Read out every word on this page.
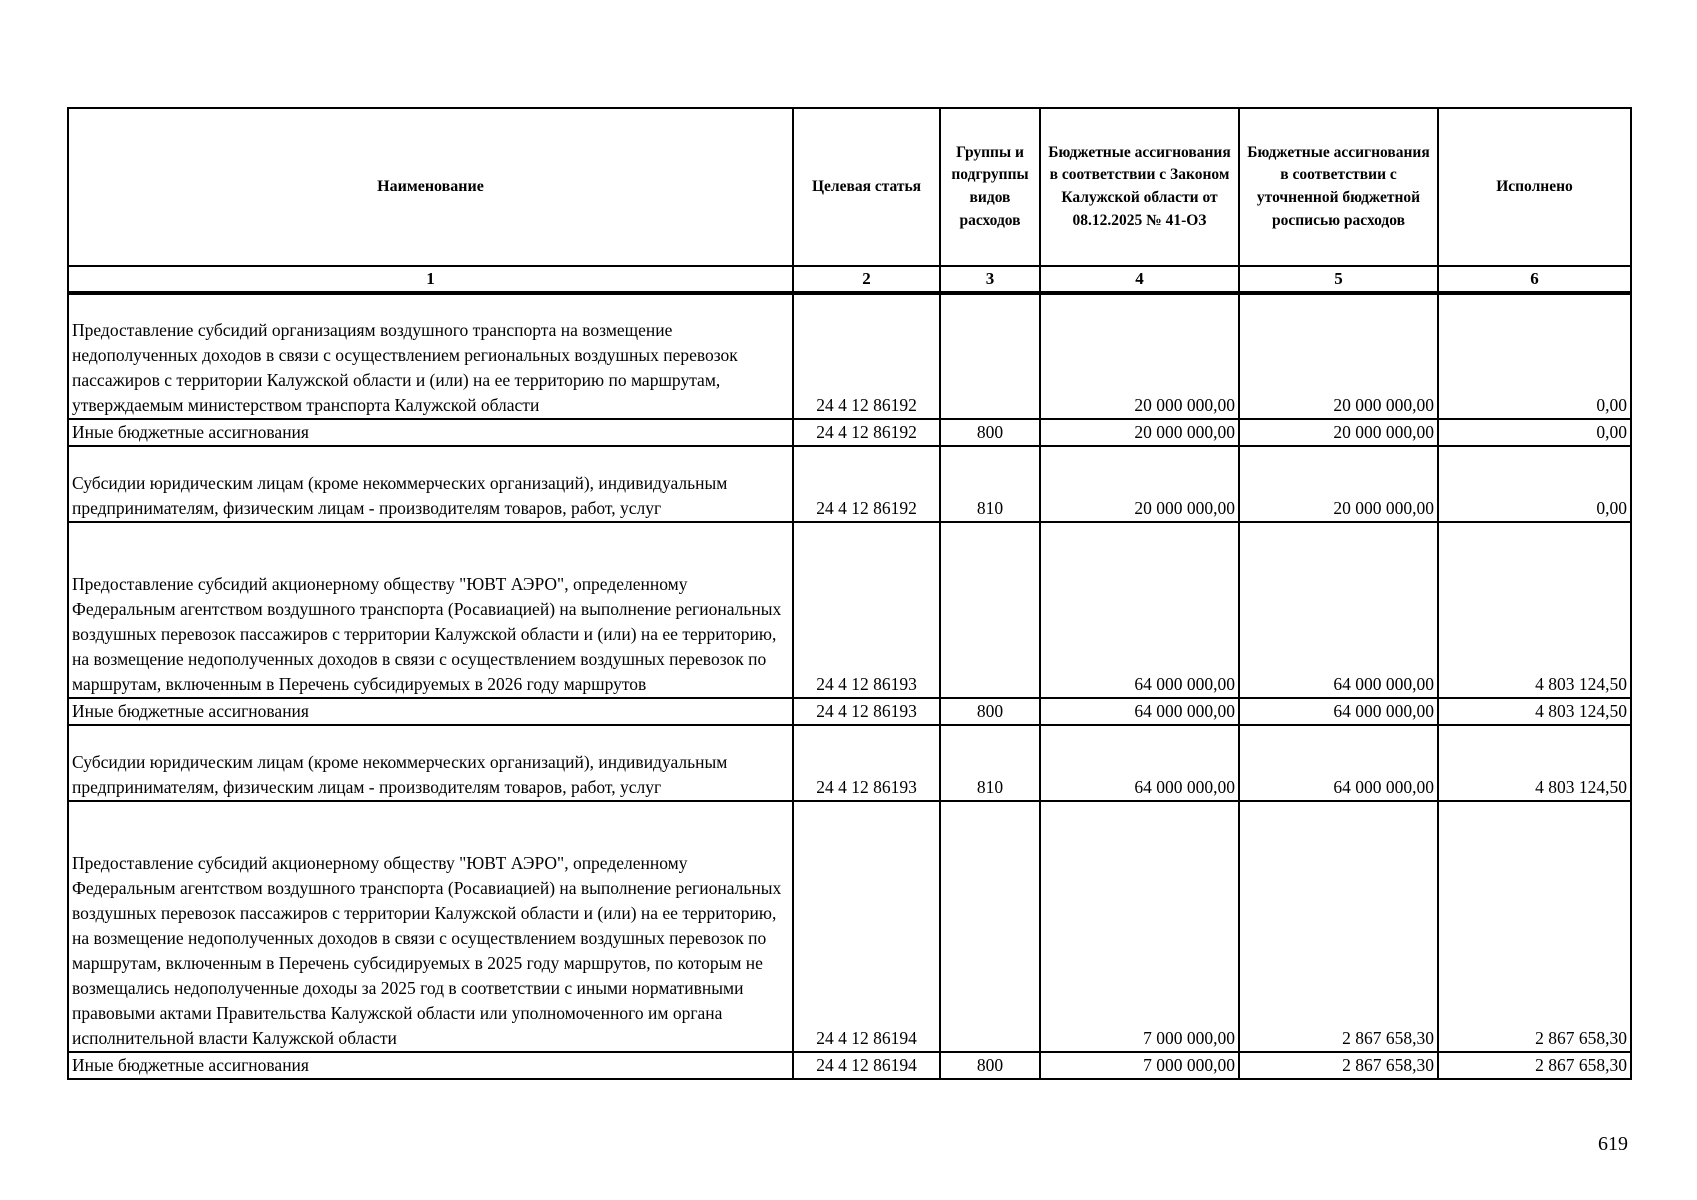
Наименование	Целевая статья	Группы и подгруппы видов расходов	Бюджетные ассигнования в соответствии с Законом Калужской области от 08.12.2025 № 41-ОЗ	Бюджетные ассигнования в соответствии с уточненной бюджетной росписью расходов	Исполнено
1	2	3	4	5	6
Предоставление субсидий организациям воздушного транспорта на возмещение недополученных доходов в связи с осуществлением региональных воздушных перевозок пассажиров с территории Калужской области и (или) на ее территорию по маршрутам, утверждаемым министерством транспорта Калужской области	24 4 12 86192		20 000 000,00	20 000 000,00	0,00
Иные бюджетные ассигнования	24 4 12 86192	800	20 000 000,00	20 000 000,00	0,00
Субсидии юридическим лицам (кроме некоммерческих организаций), индивидуальным предпринимателям, физическим лицам - производителям товаров, работ, услуг	24 4 12 86192	810	20 000 000,00	20 000 000,00	0,00
Предоставление субсидий акционерному обществу "ЮВТ АЭРО", определенному Федеральным агентством воздушного транспорта (Росавиацией) на выполнение региональных воздушных перевозок пассажиров с территории Калужской области и (или) на ее территорию, на возмещение недополученных доходов в связи с осуществлением воздушных перевозок по маршрутам, включенным в Перечень субсидируемых в 2026 году маршрутов	24 4 12 86193		64 000 000,00	64 000 000,00	4 803 124,50
Иные бюджетные ассигнования	24 4 12 86193	800	64 000 000,00	64 000 000,00	4 803 124,50
Субсидии юридическим лицам (кроме некоммерческих организаций), индивидуальным предпринимателям, физическим лицам - производителям товаров, работ, услуг	24 4 12 86193	810	64 000 000,00	64 000 000,00	4 803 124,50
Предоставление субсидий акционерному обществу "ЮВТ АЭРО", определенному Федеральным агентством воздушного транспорта (Росавиацией) на выполнение региональных воздушных перевозок пассажиров с территории Калужской области и (или) на ее территорию, на возмещение недополученных доходов в связи с осуществлением воздушных перевозок по маршрутам, включенным в Перечень субсидируемых в 2025 году маршрутов, по которым не возмещались недополученные доходы за 2025 год в соответствии с иными нормативными правовыми актами Правительства Калужской области или уполномоченного им органа исполнительной власти Калужской области	24 4 12 86194		7 000 000,00	2 867 658,30	2 867 658,30
Иные бюджетные ассигнования	24 4 12 86194	800	7 000 000,00	2 867 658,30	2 867 658,30
619
